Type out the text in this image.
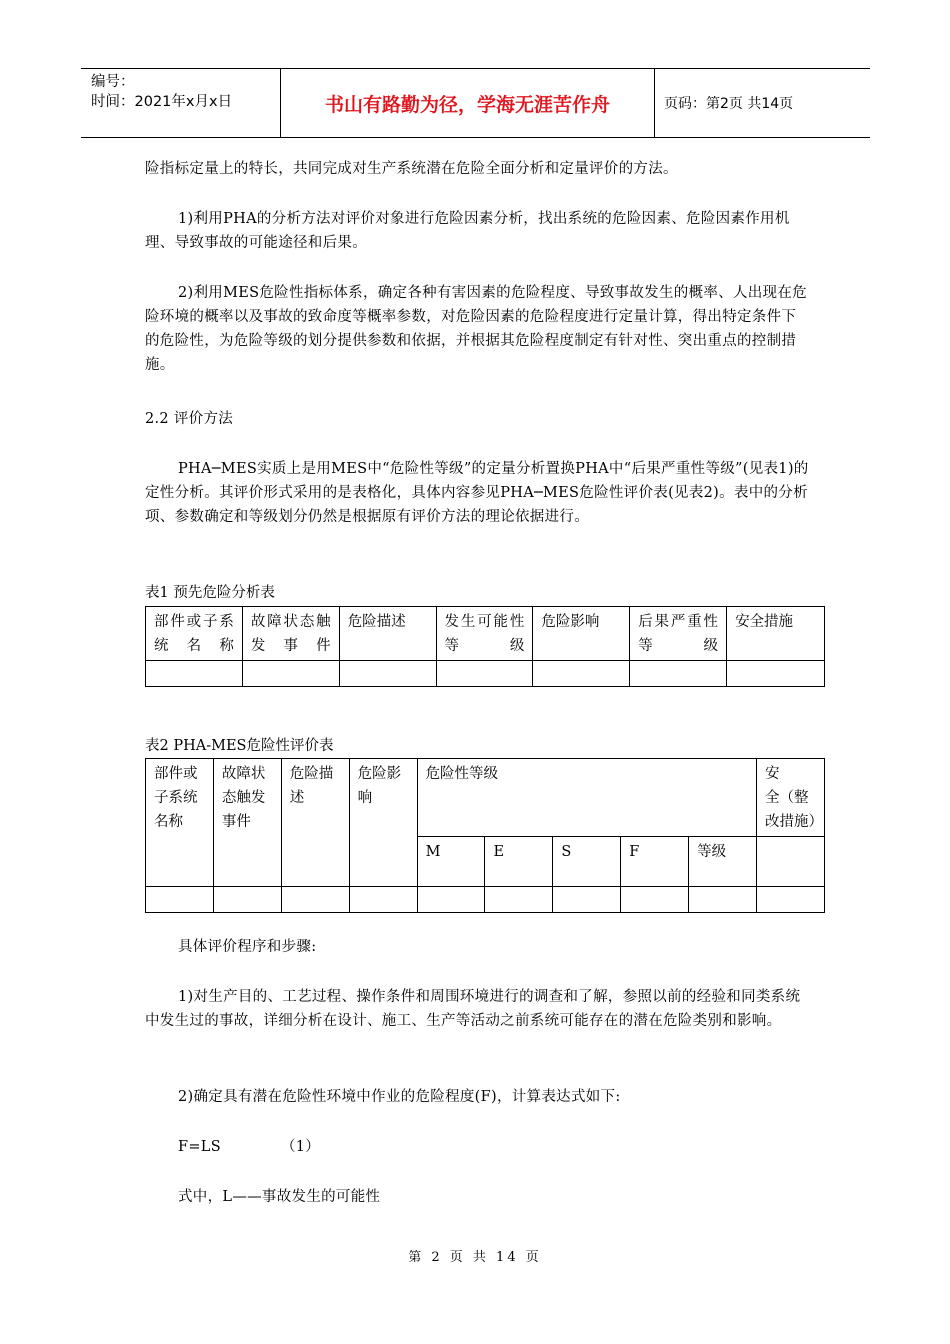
编号：
时间：2021年x月x日	书山有路勤为径，学海无涯苦作舟	页码：第2页 共14页

险指标定量上的特长，共同完成对生产系统潜在危险全面分析和定量评价的方法。

1)利用PHA的分析方法对评价对象进行危险因素分析，找出系统的危险因素、危险因素作用机理、导致事故的可能途径和后果。

2)利用MES危险性指标体系，确定各种有害因素的危险程度、导致事故发生的概率、人出现在危险环境的概率以及事故的致命度等概率参数，对危险因素的危险程度进行定量计算，得出特定条件下的危险性，为危险等级的划分提供参数和依据，并根据其危险程度制定有针对性、突出重点的控制措施。

2.2 评价方法

PHA─MES实质上是用MES中“危险性等级”的定量分析置换PHA中“后果严重性等级”(见表1)的定性分析。其评价形式采用的是表格化，具体内容参见PHA─MES危险性评价表(见表2)。表中的分析项、参数确定和等级划分仍然是根据原有评价方法的理论依据进行。

表1 预先危险分析表
部件或子系统名称	故障状态触发事件	危险描述	发生可能性等级	危险影响	后果严重性等级	安全措施

表2 PHA-MES危险性评价表
部件或子系统名称	故障状态触发事件	危险描述	危险影响	危险性等级					安　　全（整改措施）
				M	E	S	F	等级	

具体评价程序和步骤:

1)对生产目的、工艺过程、操作条件和周围环境进行的调查和了解，参照以前的经验和同类系统中发生过的事故，详细分析在设计、施工、生产等活动之前系统可能存在的潜在危险类别和影响。

2)确定具有潜在危险性环境中作业的危险程度(F)，计算表达式如下:

F=LS	（1）

式中，L——事故发生的可能性

第 2 页 共 14 页
